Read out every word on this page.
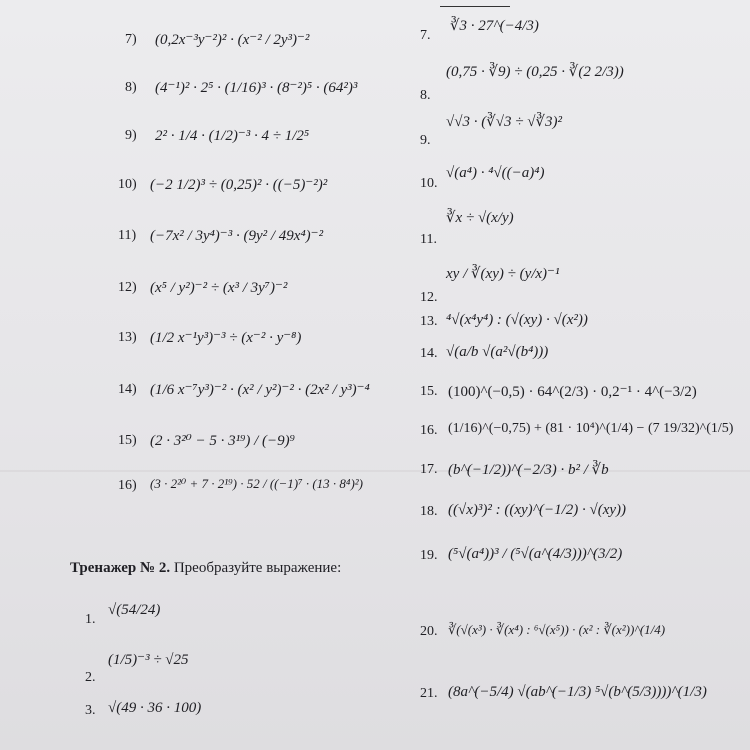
7) (0,2x⁻³y⁻²)² · (x⁻² / 2y³)⁻²
8) (4⁻¹)² · 2⁵ · (1/16)³ · (8⁻²)⁵ · (64²)³
9) 2² · 1/4 · (1/2)⁻³ · 4 ÷ 1/2⁵
10) (−2 1/2)³ ÷ (0,25)² · ((−5)⁻²)²
11) (−7x² / 3y⁴)⁻³ · (9y² / 49x⁴)⁻²
12) (x⁵ / y²)⁻² ÷ (x³ / 3y⁷)⁻²
13) (1/2 x⁻¹y³)⁻³ ÷ (x⁻² · y⁻⁸)
14) (1/6 x⁻⁷y³)⁻² · (x² / y²)⁻² · (2x² / y³)⁻⁴
15) (2 · 3²⁰ − 5 · 3¹⁹) / (−9)⁹
16) (3 · 2²⁰ + 7 · 2¹⁹) · 52 / ((−1)⁷ · (13 · 8⁴)²)
7.
∛3 · 27^(−4/3)
8.
(0,75 · ∛9) ÷ (0,25 · ∛(2 2/3))
9.
√√3 · (∛√3 ÷ √∛3)²
10.
√(a⁴) · ⁴√((−a)⁴)
11.
∛x ÷ √(x/y)
12.
xy / ∛(xy) ÷ (y/x)⁻¹
13. ⁴√(x⁴y⁴) : (√(xy) · √(x²))
14. √(a/b √(a²√(b⁴)))
15. (100)^(−0,5) · 64^(2/3) · 0,2⁻¹ · 4^(−3/2)
16. (1/16)^(−0,75) + (81 · 10⁴)^(1/4) − (7 19/32)^(1/5)
17. (b^(−1/2))^(−2/3) · b² / ∛b
18. ((√x)³)² : ((xy)^(−1/2) · √(xy))
19. (⁵√(a⁴))³ / (⁵√(a^(4/3)))^(3/2)
20. ∛(√(x³) · ∛(x⁴) : ⁶√(x⁵)) · (x² : ∛(x²))^(1/4)
21. (8a^(−5/4) √(ab^(−1/3) ⁵√(b^(5/3))))^(1/3)
Тренажер № 2. Преобразуйте выражение:
1.
√(54/24)
2.
(1/5)⁻³ ÷ √25
3. √(49 · 36 · 100)
